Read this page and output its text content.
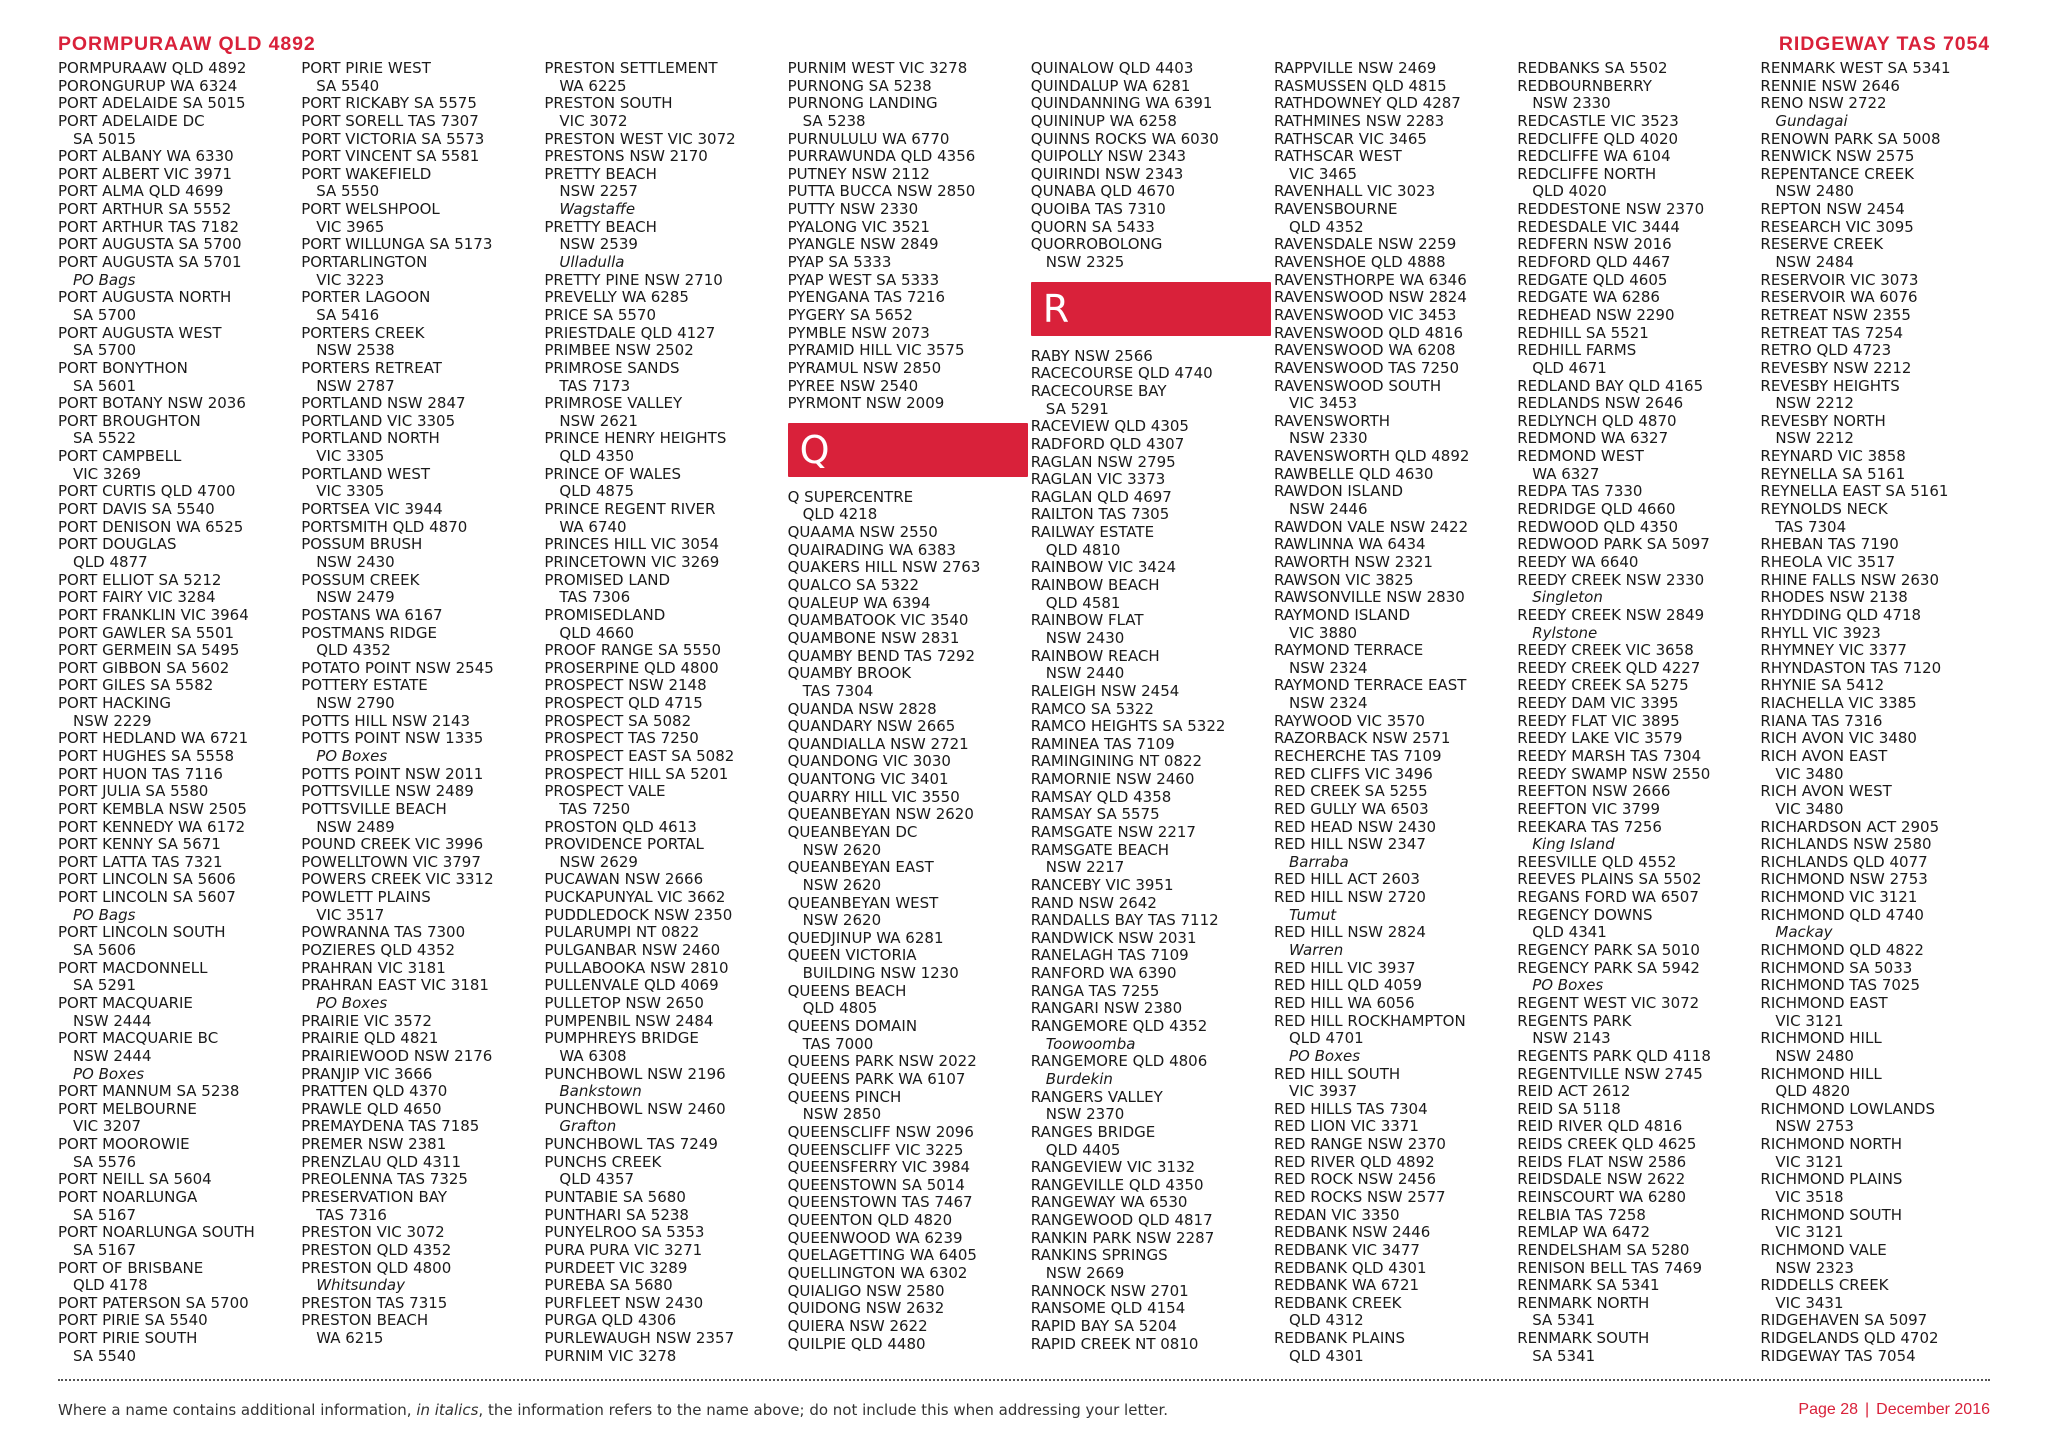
PORMPURAAW QLD 4892	RIDGEWAY TAS 7054
PORMPURAAW QLD 4892
PORONGURUP WA 6324
PORT ADELAIDE SA 5015
PORT ADELAIDE DC
SA 5015
PORT ALBANY WA 6330
PORT ALBERT VIC 3971
PORT ALMA QLD 4699
PORT ARTHUR SA 5552
PORT ARTHUR TAS 7182
PORT AUGUSTA SA 5700
PORT AUGUSTA SA 5701
PO Bags
PORT AUGUSTA NORTH
SA 5700
PORT AUGUSTA WEST
SA 5700
PORT BONYTHON
SA 5601
PORT BOTANY NSW 2036
PORT BROUGHTON
SA 5522
PORT CAMPBELL
VIC 3269
PORT CURTIS QLD 4700
PORT DAVIS SA 5540
PORT DENISON WA 6525
PORT DOUGLAS
QLD 4877
PORT ELLIOT SA 5212
PORT FAIRY VIC 3284
PORT FRANKLIN VIC 3964
PORT GAWLER SA 5501
PORT GERMEIN SA 5495
PORT GIBBON SA 5602
PORT GILES SA 5582
PORT HACKING
NSW 2229
PORT HEDLAND WA 6721
PORT HUGHES SA 5558
PORT HUON TAS 7116
PORT JULIA SA 5580
PORT KEMBLA NSW 2505
PORT KENNEDY WA 6172
PORT KENNY SA 5671
PORT LATTA TAS 7321
PORT LINCOLN SA 5606
PORT LINCOLN SA 5607
PO Bags
PORT LINCOLN SOUTH
SA 5606
PORT MACDONNELL
SA 5291
PORT MACQUARIE
NSW 2444
PORT MACQUARIE BC
NSW 2444
PO Boxes
PORT MANNUM SA 5238
PORT MELBOURNE
VIC 3207
PORT MOOROWIE
SA 5576
PORT NEILL SA 5604
PORT NOARLUNGA
SA 5167
PORT NOARLUNGA SOUTH
SA 5167
PORT OF BRISBANE
QLD 4178
PORT PATERSON SA 5700
PORT PIRIE SA 5540
PORT PIRIE SOUTH
SA 5540
PORT PIRIE WEST
SA 5540
PORT RICKABY SA 5575
PORT SORELL TAS 7307
PORT VICTORIA SA 5573
PORT VINCENT SA 5581
PORT WAKEFIELD
SA 5550
PORT WELSHPOOL
VIC 3965
PORT WILLUNGA SA 5173
PORTARLINGTON
VIC 3223
PORTER LAGOON
SA 5416
PORTERS CREEK
NSW 2538
PORTERS RETREAT
NSW 2787
PORTLAND NSW 2847
PORTLAND VIC 3305
PORTLAND NORTH
VIC 3305
PORTLAND WEST
VIC 3305
PORTSEA VIC 3944
PORTSMITH QLD 4870
POSSUM BRUSH
NSW 2430
POSSUM CREEK
NSW 2479
POSTANS WA 6167
POSTMANS RIDGE
QLD 4352
POTATO POINT NSW 2545
POTTERY ESTATE
NSW 2790
POTTS HILL NSW 2143
POTTS POINT NSW 1335
PO Boxes
POTTS POINT NSW 2011
POTTSVILLE NSW 2489
POTTSVILLE BEACH
NSW 2489
POUND CREEK VIC 3996
POWELLTOWN VIC 3797
POWERS CREEK VIC 3312
POWLETT PLAINS
VIC 3517
POWRANNA TAS 7300
POZIERES QLD 4352
PRAHRAN VIC 3181
PRAHRAN EAST VIC 3181
PO Boxes
PRAIRIE VIC 3572
PRAIRIE QLD 4821
PRAIRIEWOOD NSW 2176
PRANJIP VIC 3666
PRATTEN QLD 4370
PRAWLE QLD 4650
PREMAYDENA TAS 7185
PREMER NSW 2381
PRENZLAU QLD 4311
PREOLENNA TAS 7325
PRESERVATION BAY
TAS 7316
PRESTON VIC 3072
PRESTON QLD 4352
PRESTON QLD 4800
Whitsunday
PRESTON TAS 7315
PRESTON BEACH
WA 6215
PRESTON SETTLEMENT
WA 6225
PRESTON SOUTH
VIC 3072
PRESTON WEST VIC 3072
PRESTONS NSW 2170
PRETTY BEACH
NSW 2257
Wagstaffe
PRETTY BEACH
NSW 2539
Ulladulla
PRETTY PINE NSW 2710
PREVELLY WA 6285
PRICE SA 5570
PRIESTDALE QLD 4127
PRIMBEE NSW 2502
PRIMROSE SANDS
TAS 7173
PRIMROSE VALLEY
NSW 2621
PRINCE HENRY HEIGHTS
QLD 4350
PRINCE OF WALES
QLD 4875
PRINCE REGENT RIVER
WA 6740
PRINCES HILL VIC 3054
PRINCETOWN VIC 3269
PROMISED LAND
TAS 7306
PROMISEDLAND
QLD 4660
PROOF RANGE SA 5550
PROSERPINE QLD 4800
PROSPECT NSW 2148
PROSPECT QLD 4715
PROSPECT SA 5082
PROSPECT TAS 7250
PROSPECT EAST SA 5082
PROSPECT HILL SA 5201
PROSPECT VALE
TAS 7250
PROSTON QLD 4613
PROVIDENCE PORTAL
NSW 2629
PUCAWAN NSW 2666
PUCKAPUNYAL VIC 3662
PUDDLEDOCK NSW 2350
PULARUMPI NT 0822
PULGANBAR NSW 2460
PULLABOOKA NSW 2810
PULLENVALE QLD 4069
PULLETOP NSW 2650
PUMPENBIL NSW 2484
PUMPHREYS BRIDGE
WA 6308
PUNCHBOWL NSW 2196
Bankstown
PUNCHBOWL NSW 2460
Grafton
PUNCHBOWL TAS 7249
PUNCHS CREEK
QLD 4357
PUNTABIE SA 5680
PUNTHARI SA 5238
PUNYELROO SA 5353
PURA PURA VIC 3271
PURDEET VIC 3289
PUREBA SA 5680
PURFLEET NSW 2430
PURGA QLD 4306
PURLEWAUGH NSW 2357
PURNIM VIC 3278
PURNIM WEST VIC 3278
PURNONG SA 5238
PURNONG LANDING
SA 5238
PURNULULU WA 6770
PURRAWUNDA QLD 4356
PUTNEY NSW 2112
PUTTA BUCCA NSW 2850
PUTTY NSW 2330
PYALONG VIC 3521
PYANGLE NSW 2849
PYAP SA 5333
PYAP WEST SA 5333
PYENGANA TAS 7216
PYGERY SA 5652
PYMBLE NSW 2073
PYRAMID HILL VIC 3575
PYRAMUL NSW 2850
PYREE NSW 2540
PYRMONT NSW 2009
Q
Q SUPERCENTRE
QLD 4218
QUAAMA NSW 2550
QUAIRADING WA 6383
QUAKERS HILL NSW 2763
QUALCO SA 5322
QUALEUP WA 6394
QUAMBATOOK VIC 3540
QUAMBONE NSW 2831
QUAMBY BEND TAS 7292
QUAMBY BROOK
TAS 7304
QUANDA NSW 2828
QUANDARY NSW 2665
QUANDIALLA NSW 2721
QUANDONG VIC 3030
QUANTONG VIC 3401
QUARRY HILL VIC 3550
QUEANBEYAN NSW 2620
QUEANBEYAN DC
NSW 2620
QUEANBEYAN EAST
NSW 2620
QUEANBEYAN WEST
NSW 2620
QUEDJINUP WA 6281
QUEEN VICTORIA
BUILDING NSW 1230
QUEENS BEACH
QLD 4805
QUEENS DOMAIN
TAS 7000
QUEENS PARK NSW 2022
QUEENS PARK WA 6107
QUEENS PINCH
NSW 2850
QUEENSCLIFF NSW 2096
QUEENSCLIFF VIC 3225
QUEENSFERRY VIC 3984
QUEENSTOWN SA 5014
QUEENSTOWN TAS 7467
QUEENTON QLD 4820
QUEENWOOD WA 6239
QUELAGETTING WA 6405
QUELLINGTON WA 6302
QUIALIGO NSW 2580
QUIDONG NSW 2632
QUIERA NSW 2622
QUILPIE QLD 4480
QUINALOW QLD 4403
QUINDALUP WA 6281
QUINDANNING WA 6391
QUININUP WA 6258
QUINNS ROCKS WA 6030
QUIPOLLY NSW 2343
QUIRINDI NSW 2343
QUNABA QLD 4670
QUOIBA TAS 7310
QUORN SA 5433
QUORROBOLONG
NSW 2325
R
RABY NSW 2566
RACECOURSE QLD 4740
RACECOURSE BAY
SA 5291
RACEVIEW QLD 4305
RADFORD QLD 4307
RAGLAN NSW 2795
RAGLAN VIC 3373
RAGLAN QLD 4697
RAILTON TAS 7305
RAILWAY ESTATE
QLD 4810
RAINBOW VIC 3424
RAINBOW BEACH
QLD 4581
RAINBOW FLAT
NSW 2430
RAINBOW REACH
NSW 2440
RALEIGH NSW 2454
RAMCO SA 5322
RAMCO HEIGHTS SA 5322
RAMINEA TAS 7109
RAMINGINING NT 0822
RAMORNIE NSW 2460
RAMSAY QLD 4358
RAMSAY SA 5575
RAMSGATE NSW 2217
RAMSGATE BEACH
NSW 2217
RANCEBY VIC 3951
RAND NSW 2642
RANDALLS BAY TAS 7112
RANDWICK NSW 2031
RANELAGH TAS 7109
RANFORD WA 6390
RANGA TAS 7255
RANGARI NSW 2380
RANGEMORE QLD 4352
Toowoomba
RANGEMORE QLD 4806
Burdekin
RANGERS VALLEY
NSW 2370
RANGES BRIDGE
QLD 4405
RANGEVIEW VIC 3132
RANGEVILLE QLD 4350
RANGEWAY WA 6530
RANGEWOOD QLD 4817
RANKIN PARK NSW 2287
RANKINS SPRINGS
NSW 2669
RANNOCK NSW 2701
RANSOME QLD 4154
RAPID BAY SA 5204
RAPID CREEK NT 0810
RAPPVILLE NSW 2469
RASMUSSEN QLD 4815
RATHDOWNEY QLD 4287
RATHMINES NSW 2283
RATHSCAR VIC 3465
RATHSCAR WEST
VIC 3465
RAVENHALL VIC 3023
RAVENSBOURNE
QLD 4352
RAVENSDALE NSW 2259
RAVENSHOE QLD 4888
RAVENSTHORPE WA 6346
RAVENSWOOD NSW 2824
RAVENSWOOD VIC 3453
RAVENSWOOD QLD 4816
RAVENSWOOD WA 6208
RAVENSWOOD TAS 7250
RAVENSWOOD SOUTH
VIC 3453
RAVENSWORTH
NSW 2330
RAVENSWORTH QLD 4892
RAWBELLE QLD 4630
RAWDON ISLAND
NSW 2446
RAWDON VALE NSW 2422
RAWLINNA WA 6434
RAWORTH NSW 2321
RAWSON VIC 3825
RAWSONVILLE NSW 2830
RAYMOND ISLAND
VIC 3880
RAYMOND TERRACE
NSW 2324
RAYMOND TERRACE EAST
NSW 2324
RAYWOOD VIC 3570
RAZORBACK NSW 2571
RECHERCHE TAS 7109
RED CLIFFS VIC 3496
RED CREEK SA 5255
RED GULLY WA 6503
RED HEAD NSW 2430
RED HILL NSW 2347
Barraba
RED HILL ACT 2603
RED HILL NSW 2720
Tumut
RED HILL NSW 2824
Warren
RED HILL VIC 3937
RED HILL QLD 4059
RED HILL WA 6056
RED HILL ROCKHAMPTON
QLD 4701
PO Boxes
RED HILL SOUTH
VIC 3937
RED HILLS TAS 7304
RED LION VIC 3371
RED RANGE NSW 2370
RED RIVER QLD 4892
RED ROCK NSW 2456
RED ROCKS NSW 2577
REDAN VIC 3350
REDBANK NSW 2446
REDBANK VIC 3477
REDBANK QLD 4301
REDBANK WA 6721
REDBANK CREEK
QLD 4312
REDBANK PLAINS
QLD 4301
REDBANKS SA 5502
REDBOURNBERRY
NSW 2330
REDCASTLE VIC 3523
REDCLIFFE QLD 4020
REDCLIFFE WA 6104
REDCLIFFE NORTH
QLD 4020
REDDESTONE NSW 2370
REDESDALE VIC 3444
REDFERN NSW 2016
REDFORD QLD 4467
REDGATE QLD 4605
REDGATE WA 6286
REDHEAD NSW 2290
REDHILL SA 5521
REDHILL FARMS
QLD 4671
REDLAND BAY QLD 4165
REDLANDS NSW 2646
REDLYNCH QLD 4870
REDMOND WA 6327
REDMOND WEST
WA 6327
REDPA TAS 7330
REDRIDGE QLD 4660
REDWOOD QLD 4350
REDWOOD PARK SA 5097
REEDY WA 6640
REEDY CREEK NSW 2330
Singleton
REEDY CREEK NSW 2849
Rylstone
REEDY CREEK VIC 3658
REEDY CREEK QLD 4227
REEDY CREEK SA 5275
REEDY DAM VIC 3395
REEDY FLAT VIC 3895
REEDY LAKE VIC 3579
REEDY MARSH TAS 7304
REEDY SWAMP NSW 2550
REEFTON NSW 2666
REEFTON VIC 3799
REEKARA TAS 7256
King Island
REESVILLE QLD 4552
REEVES PLAINS SA 5502
REGANS FORD WA 6507
REGENCY DOWNS
QLD 4341
REGENCY PARK SA 5010
REGENCY PARK SA 5942
PO Boxes
REGENT WEST VIC 3072
REGENTS PARK
NSW 2143
REGENTS PARK QLD 4118
REGENTVILLE NSW 2745
REID ACT 2612
REID SA 5118
REID RIVER QLD 4816
REIDS CREEK QLD 4625
REIDS FLAT NSW 2586
REIDSDALE NSW 2622
REINSCOURT WA 6280
RELBIA TAS 7258
REMLAP WA 6472
RENDELSHAM SA 5280
RENISON BELL TAS 7469
RENMARK SA 5341
RENMARK NORTH
SA 5341
RENMARK SOUTH
SA 5341
RENMARK WEST SA 5341
RENNIE NSW 2646
RENO NSW 2722
Gundagai
RENOWN PARK SA 5008
RENWICK NSW 2575
REPENTANCE CREEK
NSW 2480
REPTON NSW 2454
RESEARCH VIC 3095
RESERVE CREEK
NSW 2484
RESERVOIR VIC 3073
RESERVOIR WA 6076
RETREAT NSW 2355
RETREAT TAS 7254
RETRO QLD 4723
REVESBY NSW 2212
REVESBY HEIGHTS
NSW 2212
REVESBY NORTH
NSW 2212
REYNARD VIC 3858
REYNELLA SA 5161
REYNELLA EAST SA 5161
REYNOLDS NECK
TAS 7304
RHEBAN TAS 7190
RHEOLA VIC 3517
RHINE FALLS NSW 2630
RHODES NSW 2138
RHYDDING QLD 4718
RHYLL VIC 3923
RHYMNEY VIC 3377
RHYNDASTON TAS 7120
RHYNIE SA 5412
RIACHELLA VIC 3385
RIANA TAS 7316
RICH AVON VIC 3480
RICH AVON EAST
VIC 3480
RICH AVON WEST
VIC 3480
RICHARDSON ACT 2905
RICHLANDS NSW 2580
RICHLANDS QLD 4077
RICHMOND NSW 2753
RICHMOND VIC 3121
RICHMOND QLD 4740
Mackay
RICHMOND QLD 4822
RICHMOND SA 5033
RICHMOND TAS 7025
RICHMOND EAST
VIC 3121
RICHMOND HILL
NSW 2480
RICHMOND HILL
QLD 4820
RICHMOND LOWLANDS
NSW 2753
RICHMOND NORTH
VIC 3121
RICHMOND PLAINS
VIC 3518
RICHMOND SOUTH
VIC 3121
RICHMOND VALE
NSW 2323
RIDDELLS CREEK
VIC 3431
RIDGEHAVEN SA 5097
RIDGELANDS QLD 4702
RIDGEWAY TAS 7054
Where a name contains additional information, in italics, the information refers to the name above; do not include this when addressing your letter.	Page 28 | December 2016
